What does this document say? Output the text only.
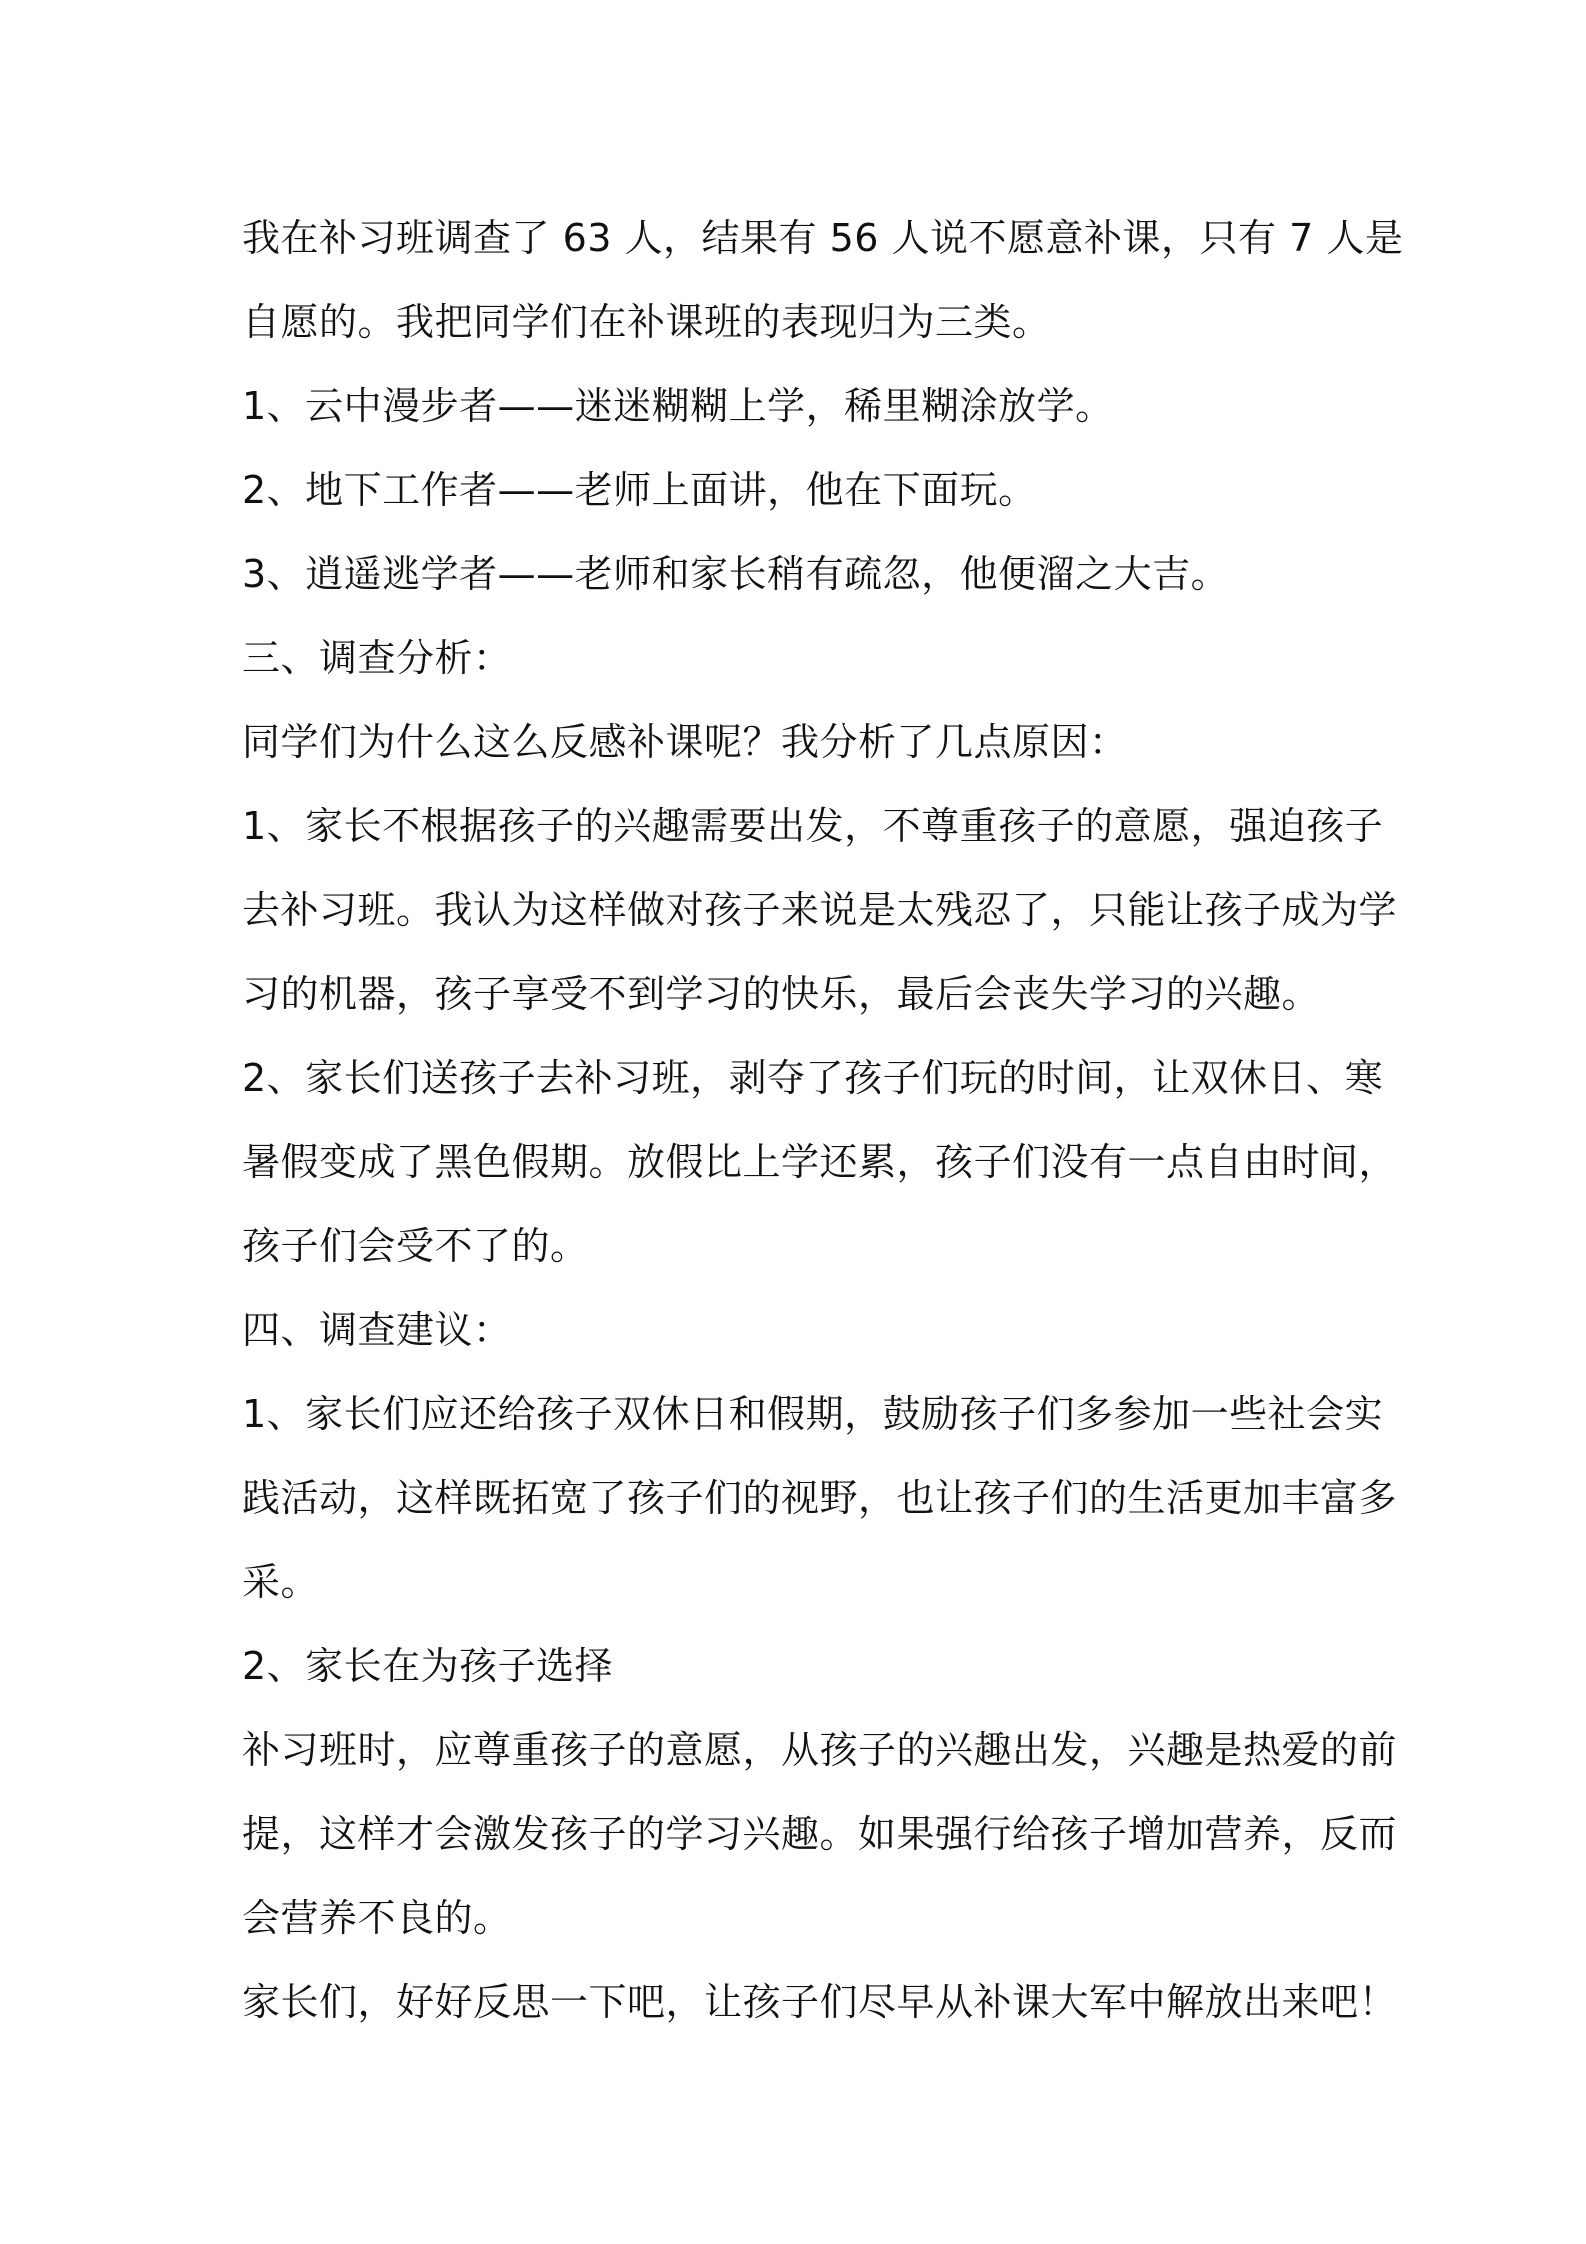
我在补习班调查了 63 人，结果有 56 人说不愿意补课，只有 7 人是

自愿的。我把同学们在补课班的表现归为三类。

1、云中漫步者——迷迷糊糊上学，稀里糊涂放学。

2、地下工作者——老师上面讲，他在下面玩。

3、逍遥逃学者——老师和家长稍有疏忽，他便溜之大吉。

三、调查分析：

同学们为什么这么反感补课呢？我分析了几点原因：

1、家长不根据孩子的兴趣需要出发，不尊重孩子的意愿，强迫孩子

去补习班。我认为这样做对孩子来说是太残忍了，只能让孩子成为学

习的机器，孩子享受不到学习的快乐，最后会丧失学习的兴趣。

2、家长们送孩子去补习班，剥夺了孩子们玩的时间，让双休日、寒

暑假变成了黑色假期。放假比上学还累，孩子们没有一点自由时间，

孩子们会受不了的。

四、调查建议：

1、家长们应还给孩子双休日和假期，鼓励孩子们多参加一些社会实

践活动，这样既拓宽了孩子们的视野，也让孩子们的生活更加丰富多

采。

2、家长在为孩子选择

补习班时，应尊重孩子的意愿，从孩子的兴趣出发，兴趣是热爱的前

提，这样才会激发孩子的学习兴趣。如果强行给孩子增加营养，反而

会营养不良的。

家长们，好好反思一下吧，让孩子们尽早从补课大军中解放出来吧！
